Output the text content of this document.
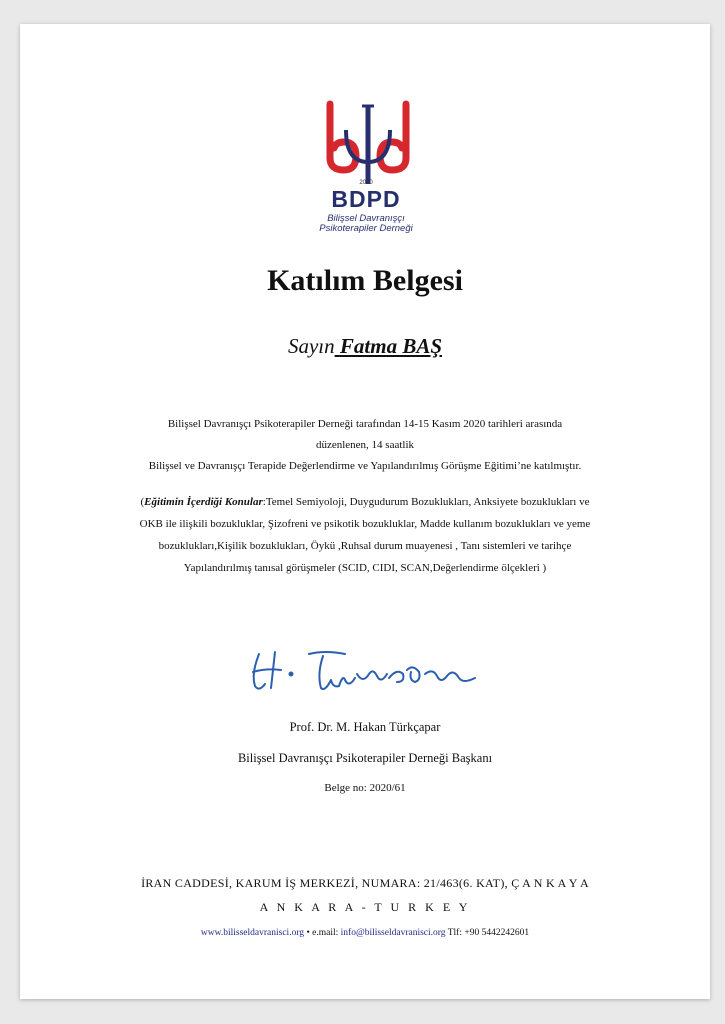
2010
BDPD
Bilişsel Davranışçı
Psikoterapiler Derneği
Katılım Belgesi
Sayın Fatma BAŞ
Bilişsel Davranışçı Psikoterapiler Derneği tarafından 14-15 Kasım 2020 tarihleri arasında
düzenlenen, 14 saatlik
Bilişsel ve Davranışçı Terapide Değerlendirme ve Yapılandırılmış Görüşme Eğitimi’ne katılmıştır.
(Eğitimin İçerdiği Konular:Temel Semiyoloji, Duygudurum Bozuklukları, Anksiyete bozuklukları ve
OKB ile ilişkili bozukluklar, Şizofreni ve psikotik bozukluklar, Madde kullanım bozuklukları ve yeme
bozuklukları,Kişilik bozuklukları, Öykü ,Ruhsal durum muayenesi , Tanı sistemleri ve tarihçe
Yapılandırılmış tanısal görüşmeler (SCID, CIDI, SCAN,Değerlendirme ölçekleri )
Prof. Dr. M. Hakan Türkçapar
Bilişsel Davranışçı Psikoterapiler Derneği Başkanı
Belge no: 2020/61
İRAN CADDESİ, KARUM İŞ MERKEZİ, NUMARA: 21/463(6. KAT), Ç A N K A Y A
A N K A R A - T U R K E Y
www.bilisseldavranisci.org • e.mail: info@bilisseldavranisci.org Tlf: +90 5442242601
